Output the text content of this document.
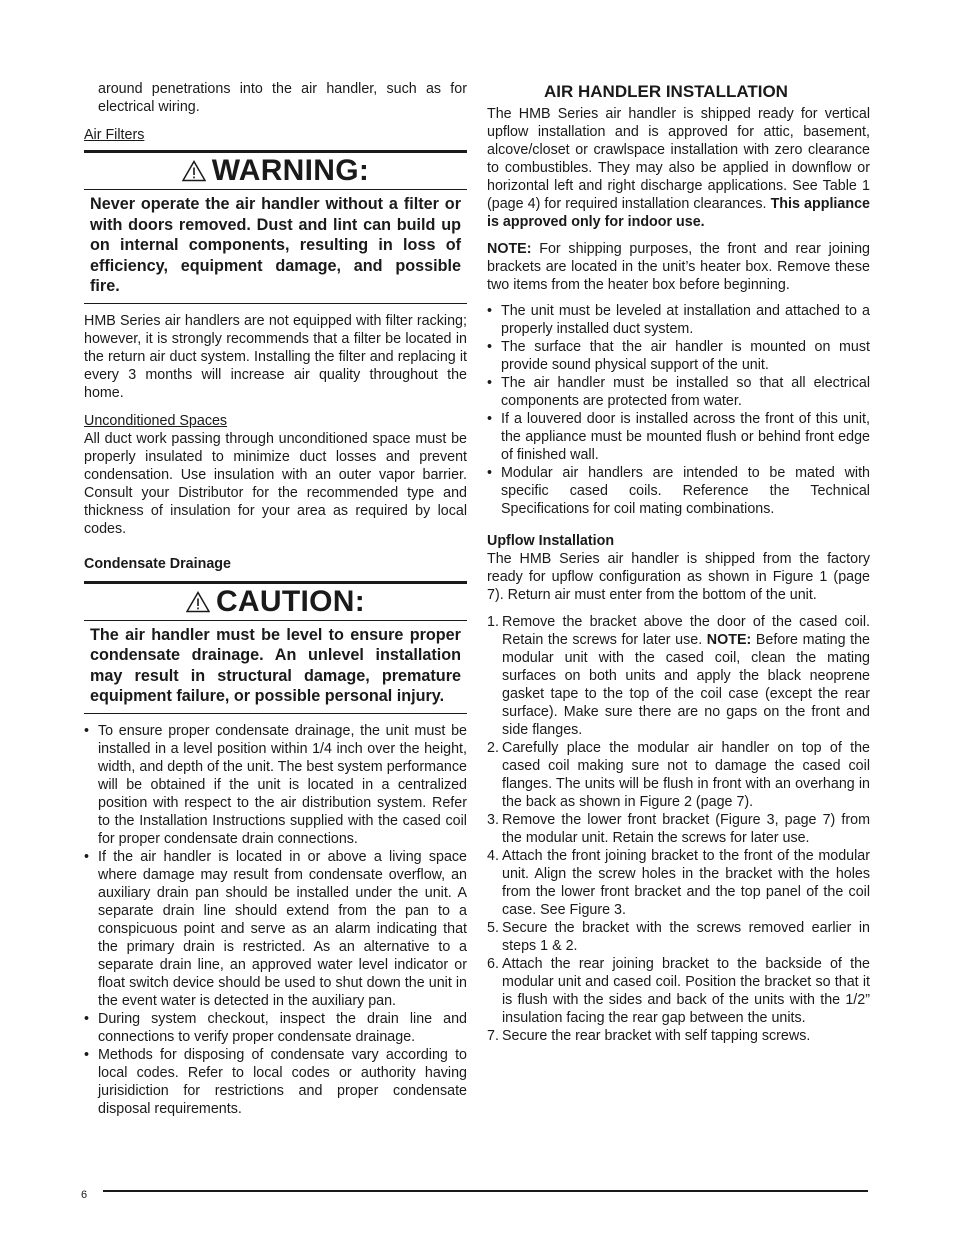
around penetrations into the air handler, such as for electrical wiring.

Air Filters

WARNING:
Never operate the air handler without a filter or with doors removed. Dust and lint can build up on internal components, resulting in loss of efficiency, equipment damage, and possible fire.

HMB Series air handlers are not equipped with filter racking; however, it is strongly recommends that a filter be located in the return air duct system. Installing the filter and replacing it every 3 months will increase air quality throughout the home.

Unconditioned Spaces

All duct work passing through unconditioned space must be properly insulated to minimize duct losses and prevent condensation. Use insulation with an outer vapor barrier. Consult your Distributor for the recommended type and thickness of insulation for your area as required by local codes.

Condensate Drainage

CAUTION:
The air handler must be level to ensure proper condensate drainage. An unlevel installation may result in structural damage, premature equipment failure, or possible personal injury.
• To ensure proper condensate drainage, the unit must be installed in a level position within 1/4 inch over the height, width, and depth of the unit. The best system performance will be obtained if the unit is located in a centralized position with respect to the air distribution system. Refer to the Installation Instructions supplied with the cased coil for proper condensate drain connections.
• If the air handler is located in or above a living space where damage may result from condensate overflow, an auxiliary drain pan should be installed under the unit. A separate drain line should extend from the pan to a conspicuous point and serve as an alarm indicating that the primary drain is restricted. As an alternative to a separate drain line, an approved water level indicator or float switch device should be used to shut down the unit in the event water is detected in the auxiliary pan.
• During system checkout, inspect the drain line and connections to verify proper condensate drainage.
• Methods for disposing of condensate vary according to local codes. Refer to local codes or authority having jurisidiction for restrictions and proper condensate disposal requirements.

AIR HANDLER INSTALLATION

The HMB Series air handler is shipped ready for vertical upflow installation and is approved for attic, basement, alcove/closet or crawlspace installation with zero clearance to combustibles. They may also be applied in downflow or horizontal left and right discharge applications. See Table 1 (page 4) for required installation clearances. This appliance is approved only for indoor use.

NOTE: For shipping purposes, the front and rear joining brackets are located in the unit’s heater box. Remove these two items from the heater box before beginning.

• The unit must be leveled at installation and attached to a properly installed duct system.
• The surface that the air handler is mounted on must provide sound physical support of the unit.
• The air handler must be installed so that all electrical components are protected from water.
• If a louvered door is installed across the front of this unit, the appliance must be mounted flush or behind front edge of finished wall.
• Modular air handlers are intended to be mated with specific cased coils. Reference the Technical Specifications for coil mating combinations.

Upflow Installation

The HMB Series air handler is shipped from the factory ready for upflow configuration as shown in Figure 1 (page 7). Return air must enter from the bottom of the unit.

1. Remove the bracket above the door of the cased coil. Retain the screws for later use. NOTE: Before mating the modular unit with the cased coil, clean the mating surfaces on both units and apply the black neoprene gasket tape to the top of the coil case (except the rear surface). Make sure there are no gaps on the front and side flanges.
2. Carefully place the modular air handler on top of the cased coil making sure not to damage the cased coil flanges. The units will be flush in front with an overhang in the back as shown in Figure 2 (page 7).
3. Remove the lower front bracket (Figure 3, page 7) from the modular unit. Retain the screws for later use.
4. Attach the front joining bracket to the front of the modular unit. Align the screw holes in the bracket with the holes from the lower front bracket and the top panel of the coil case. See Figure 3.
5. Secure the bracket with the screws removed earlier in steps 1 & 2.
6. Attach the rear joining bracket to the backside of the modular unit and cased coil. Position the bracket so that it is flush with the sides and back of the units with the 1/2” insulation facing the rear gap between the units.
7. Secure the rear bracket with self tapping screws.
6
